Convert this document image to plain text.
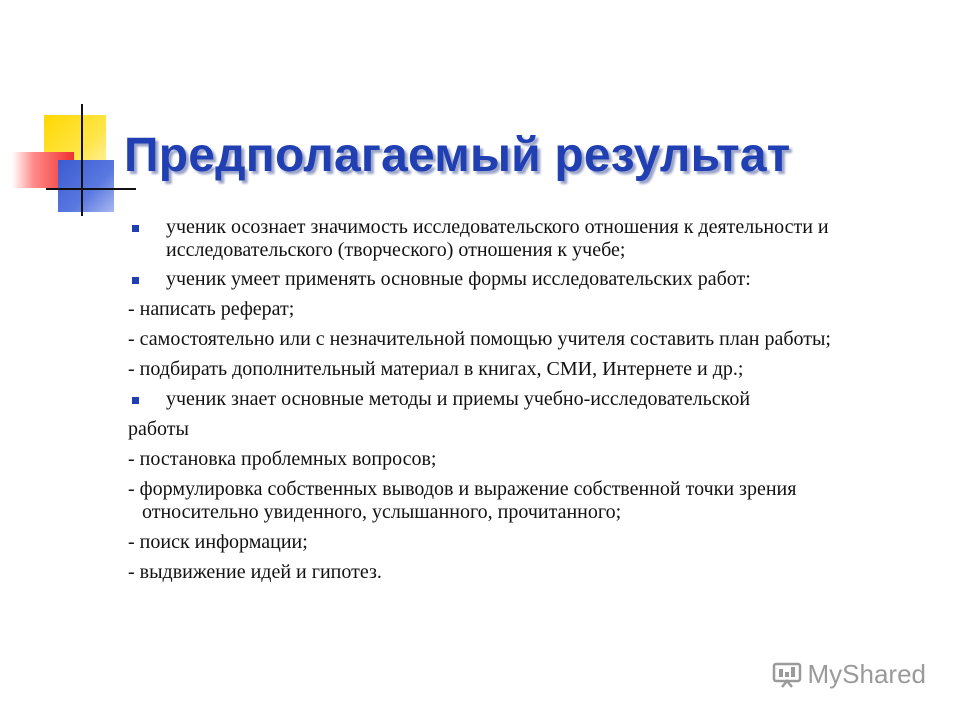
Предполагаемый результат

ученик осознает значимость исследовательского отношения к деятельности и исследовательского (творческого) отношения к учебе;

ученик умеет применять основные формы исследовательских работ:

- написать реферат;

- самостоятельно или с незначительной помощью учителя составить план работы;

- подбирать дополнительный материал в книгах, СМИ, Интернете и др.;

ученик знает основные методы и приемы учебно-исследовательской

работы

- постановка проблемных вопросов;

- формулировка собственных выводов и выражение собственной точки зрения относительно увиденного, услышанного, прочитанного;

- поиск информации;

- выдвижение идей и гипотез.

MyShared
